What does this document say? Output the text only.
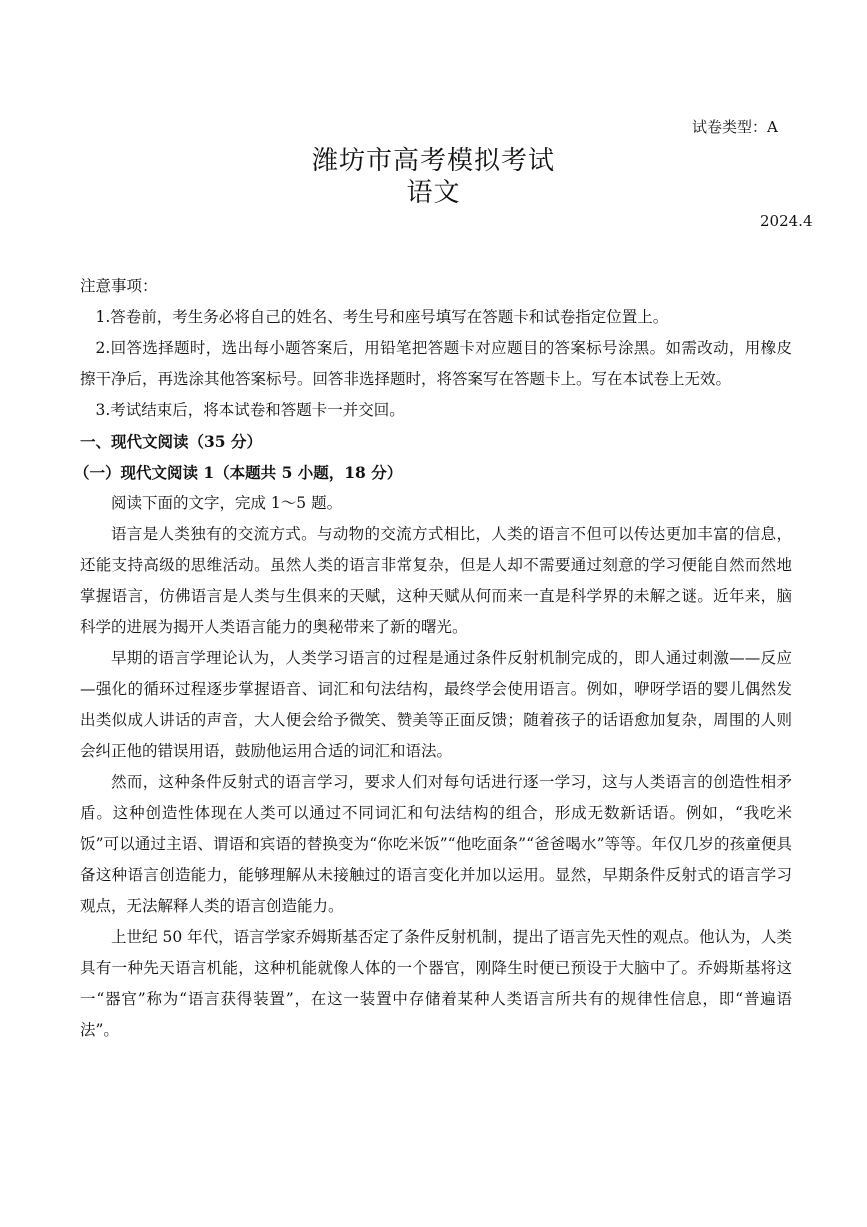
试卷类型：A
潍坊市高考模拟考试
语文
2024.4

注意事项：

1.答卷前，考生务必将自己的姓名、考生号和座号填写在答题卡和试卷指定位置上。

2.回答选择题时，选出每小题答案后，用铅笔把答题卡对应题目的答案标号涂黑。如需改动，用橡皮擦干净后，再选涂其他答案标号。回答非选择题时，将答案写在答题卡上。写在本试卷上无效。

3.考试结束后，将本试卷和答题卡一并交回。

一、现代文阅读（35 分）

（一）现代文阅读 1（本题共 5 小题，18 分）

阅读下面的文字，完成 1～5 题。

语言是人类独有的交流方式。与动物的交流方式相比，人类的语言不但可以传达更加丰富的信息，还能支持高级的思维活动。虽然人类的语言非常复杂，但是人却不需要通过刻意的学习便能自然而然地掌握语言，仿佛语言是人类与生俱来的天赋，这种天赋从何而来一直是科学界的未解之谜。近年来，脑科学的进展为揭开人类语言能力的奥秘带来了新的曙光。

早期的语言学理论认为，人类学习语言的过程是通过条件反射机制完成的，即人通过刺激——反应—强化的循环过程逐步掌握语音、词汇和句法结构，最终学会使用语言。例如，咿呀学语的婴儿偶然发出类似成人讲话的声音，大人便会给予微笑、赞美等正面反馈；随着孩子的话语愈加复杂，周围的人则会纠正他的错误用语，鼓励他运用合适的词汇和语法。

然而，这种条件反射式的语言学习，要求人们对每句话进行逐一学习，这与人类语言的创造性相矛盾。这种创造性体现在人类可以通过不同词汇和句法结构的组合，形成无数新话语。例如，“我吃米饭”可以通过主语、谓语和宾语的替换变为“你吃米饭”“他吃面条”“爸爸喝水”等等。年仅几岁的孩童便具备这种语言创造能力，能够理解从未接触过的语言变化并加以运用。显然，早期条件反射式的语言学习观点，无法解释人类的语言创造能力。

上世纪 50 年代，语言学家乔姆斯基否定了条件反射机制，提出了语言先天性的观点。他认为，人类具有一种先天语言机能，这种机能就像人体的一个器官，刚降生时便已预设于大脑中了。乔姆斯基将这一“器官”称为“语言获得装置”，在这一装置中存储着某种人类语言所共有的规律性信息，即“普遍语法”。
